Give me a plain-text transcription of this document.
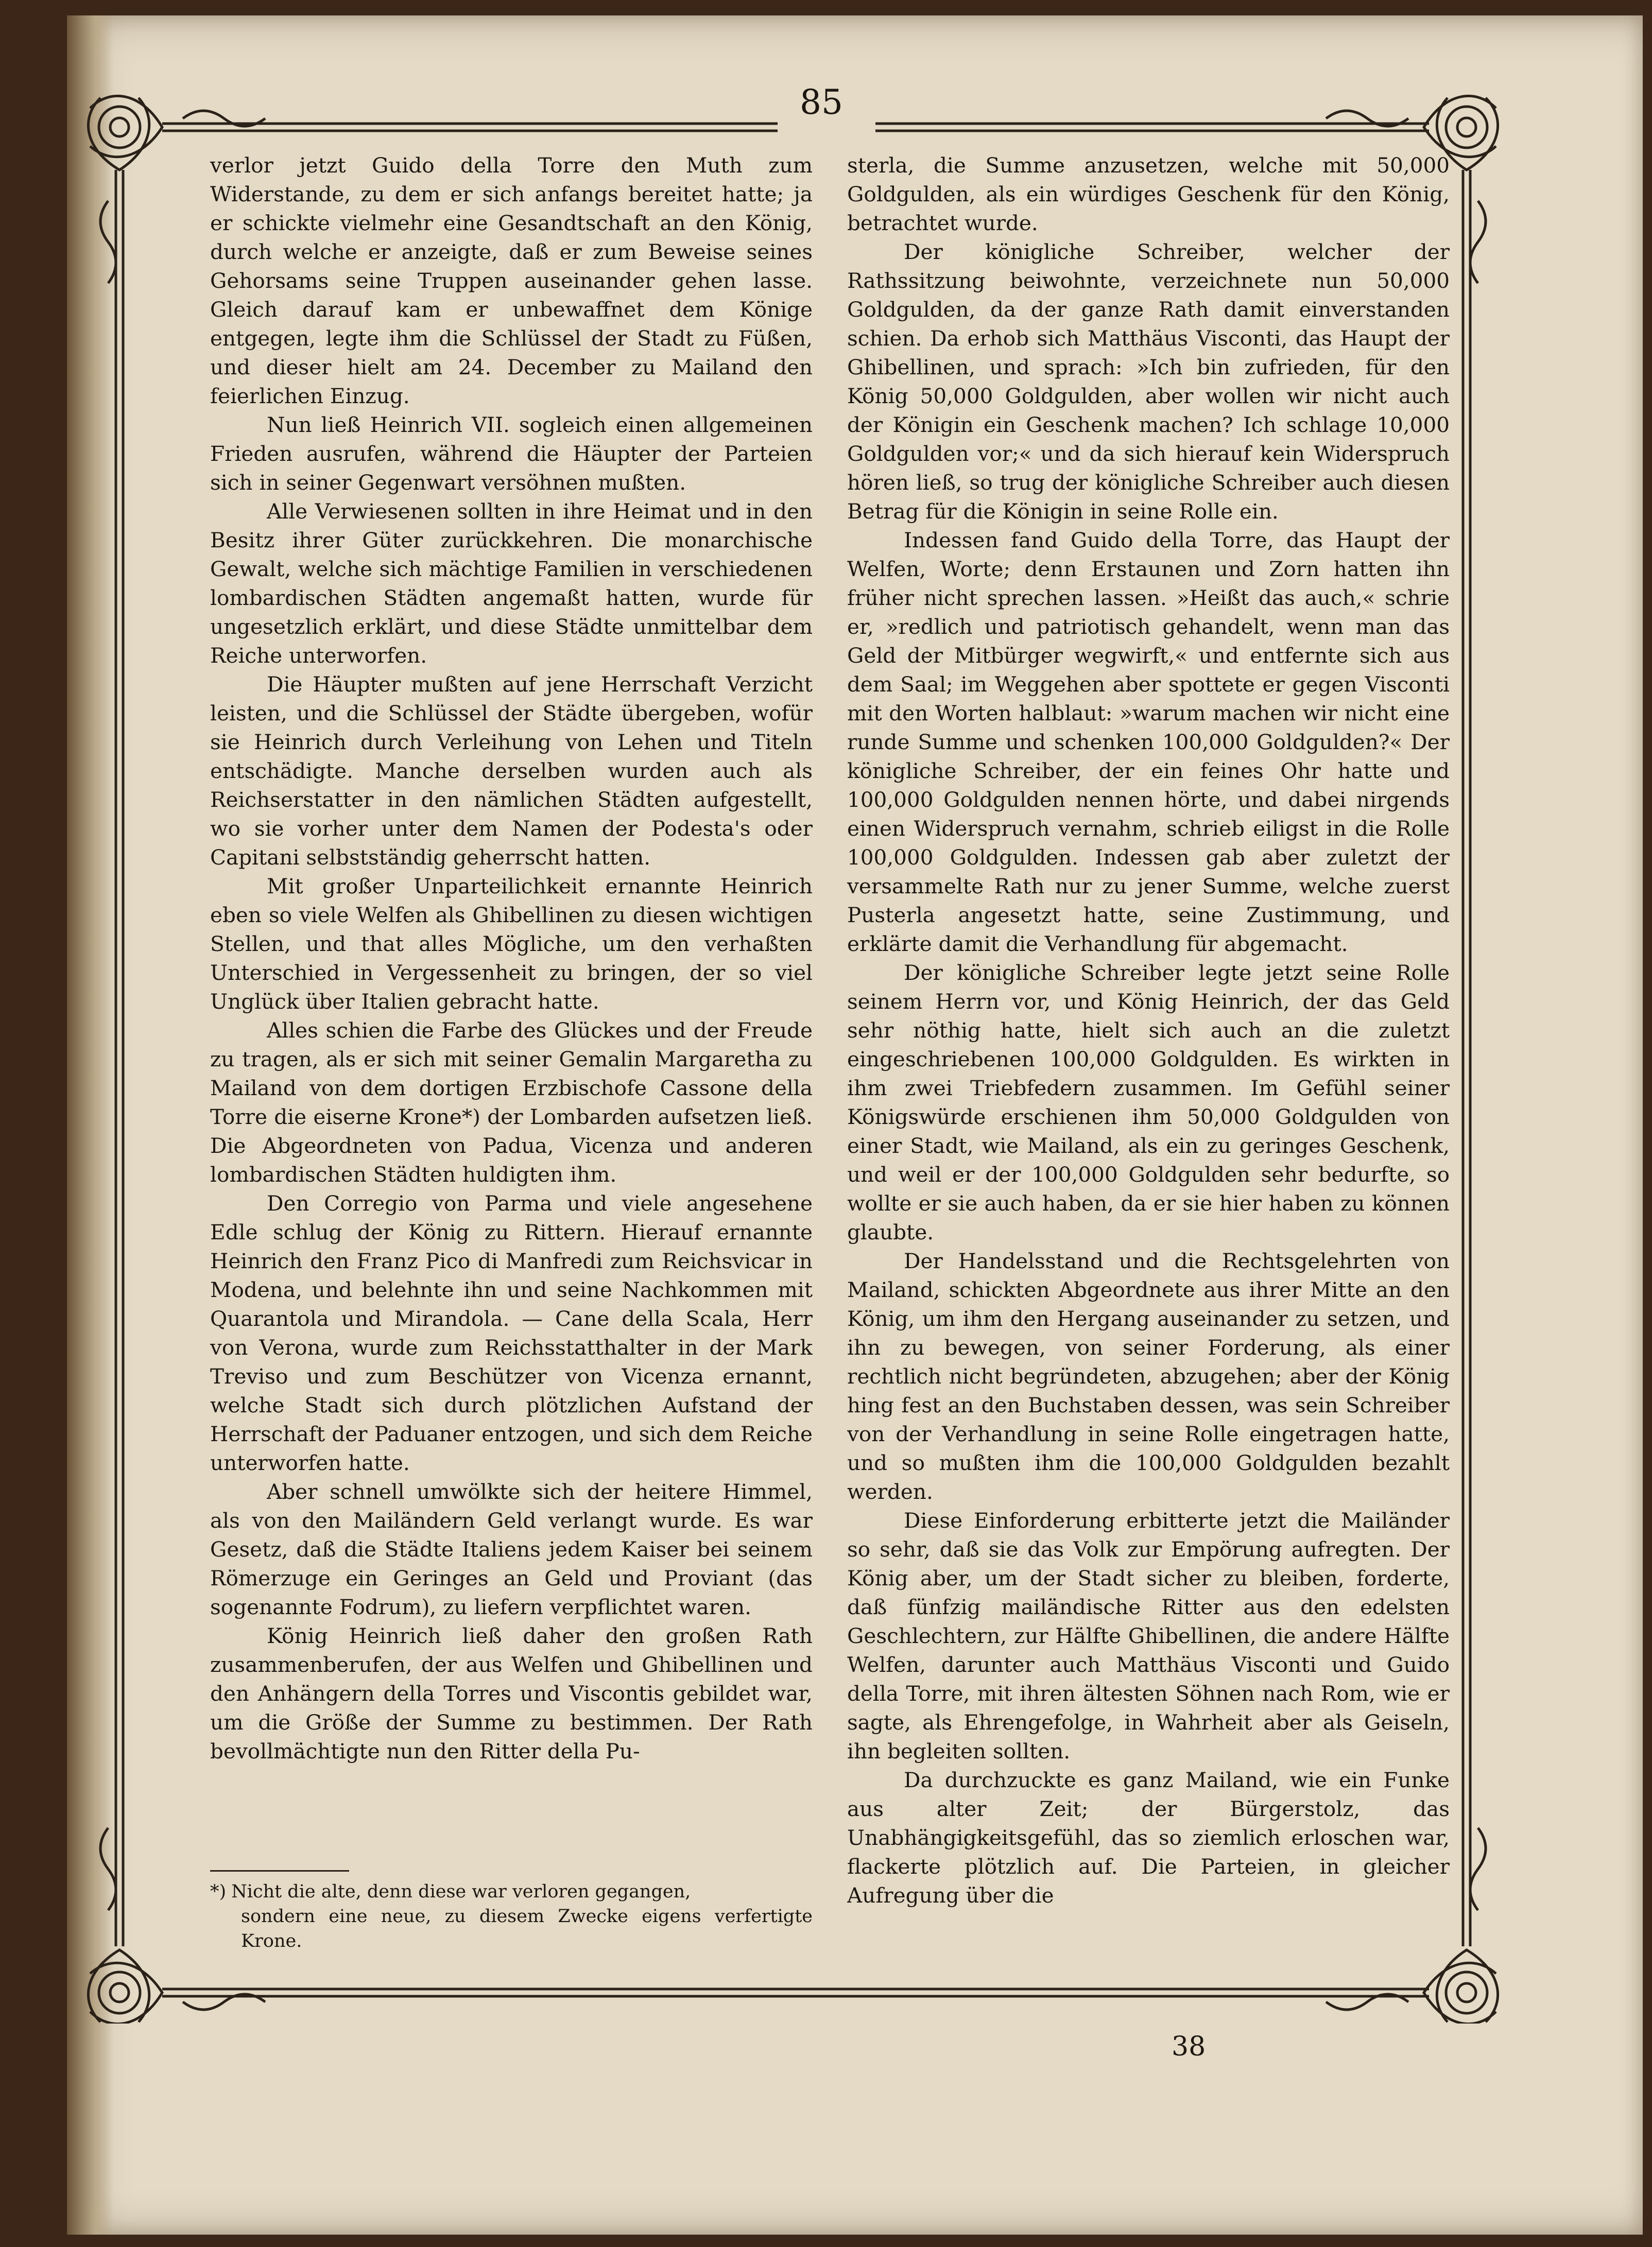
85

verlor jetzt Guido della Torre den Muth zum Widerstande, zu dem er sich anfangs bereitet hatte; ja er schickte vielmehr eine Gesandtschaft an den König, durch welche er anzeigte, daß er zum Beweise seines Gehorsams seine Truppen auseinander gehen lasse. Gleich darauf kam er unbewaffnet dem Könige entgegen, legte ihm die Schlüssel der Stadt zu Füßen, und dieser hielt am 24. December zu Mailand den feierlichen Einzug.

Nun ließ Heinrich VII. sogleich einen allgemeinen Frieden ausrufen, während die Häupter der Parteien sich in seiner Gegenwart versöhnen mußten.

Alle Verwiesenen sollten in ihre Heimat und in den Besitz ihrer Güter zurückkehren. Die monarchische Gewalt, welche sich mächtige Familien in verschiedenen lombardischen Städten angemaßt hatten, wurde für ungesetzlich erklärt, und diese Städte unmittelbar dem Reiche unterworfen.

Die Häupter mußten auf jene Herrschaft Verzicht leisten, und die Schlüssel der Städte übergeben, wofür sie Heinrich durch Verleihung von Lehen und Titeln entschädigte. Manche derselben wurden auch als Reichserstatter in den nämlichen Städten aufgestellt, wo sie vorher unter dem Namen der Podesta's oder Capitani selbstständig geherrscht hatten.

Mit großer Unparteilichkeit ernannte Heinrich eben so viele Welfen als Ghibellinen zu diesen wichtigen Stellen, und that alles Mögliche, um den verhaßten Unterschied in Vergessenheit zu bringen, der so viel Unglück über Italien gebracht hatte.

Alles schien die Farbe des Glückes und der Freude zu tragen, als er sich mit seiner Gemalin Margaretha zu Mailand von dem dortigen Erzbischofe Cassone della Torre die eiserne Krone*) der Lombarden aufsetzen ließ. Die Abgeordneten von Padua, Vicenza und anderen lombardischen Städten huldigten ihm.

Den Corregio von Parma und viele angesehene Edle schlug der König zu Rittern. Hierauf ernannte Heinrich den Franz Pico di Manfredi zum Reichsvicar in Modena, und belehnte ihn und seine Nachkommen mit Quarantola und Mirandola. — Cane della Scala, Herr von Verona, wurde zum Reichsstatthalter in der Mark Treviso und zum Beschützer von Vicenza ernannt, welche Stadt sich durch plötzlichen Aufstand der Herrschaft der Paduaner entzogen, und sich dem Reiche unterworfen hatte.

Aber schnell umwölkte sich der heitere Himmel, als von den Mailändern Geld verlangt wurde. Es war Gesetz, daß die Städte Italiens jedem Kaiser bei seinem Römerzuge ein Geringes an Geld und Proviant (das sogenannte Fodrum), zu liefern verpflichtet waren.

König Heinrich ließ daher den großen Rath zusammenberufen, der aus Welfen und Ghibellinen und den Anhängern della Torres und Viscontis gebildet war, um die Größe der Summe zu bestimmen. Der Rath bevollmächtigte nun den Ritter della Pu-

sterla, die Summe anzusetzen, welche mit 50,000 Goldgulden, als ein würdiges Geschenk für den König, betrachtet wurde.

Der königliche Schreiber, welcher der Rathssitzung beiwohnte, verzeichnete nun 50,000 Goldgulden, da der ganze Rath damit einverstanden schien. Da erhob sich Matthäus Visconti, das Haupt der Ghibellinen, und sprach: »Ich bin zufrieden, für den König 50,000 Goldgulden, aber wollen wir nicht auch der Königin ein Geschenk machen? Ich schlage 10,000 Goldgulden vor;« und da sich hierauf kein Widerspruch hören ließ, so trug der königliche Schreiber auch diesen Betrag für die Königin in seine Rolle ein.

Indessen fand Guido della Torre, das Haupt der Welfen, Worte; denn Erstaunen und Zorn hatten ihn früher nicht sprechen lassen. »Heißt das auch,« schrie er, »redlich und patriotisch gehandelt, wenn man das Geld der Mitbürger wegwirft,« und entfernte sich aus dem Saal; im Weggehen aber spottete er gegen Visconti mit den Worten halblaut: »warum machen wir nicht eine runde Summe und schenken 100,000 Goldgulden?« Der königliche Schreiber, der ein feines Ohr hatte und 100,000 Goldgulden nennen hörte, und dabei nirgends einen Widerspruch vernahm, schrieb eiligst in die Rolle 100,000 Goldgulden. Indessen gab aber zuletzt der versammelte Rath nur zu jener Summe, welche zuerst Pusterla angesetzt hatte, seine Zustimmung, und erklärte damit die Verhandlung für abgemacht.

Der königliche Schreiber legte jetzt seine Rolle seinem Herrn vor, und König Heinrich, der das Geld sehr nöthig hatte, hielt sich auch an die zuletzt eingeschriebenen 100,000 Goldgulden. Es wirkten in ihm zwei Triebfedern zusammen. Im Gefühl seiner Königswürde erschienen ihm 50,000 Goldgulden von einer Stadt, wie Mailand, als ein zu geringes Geschenk, und weil er der 100,000 Goldgulden sehr bedurfte, so wollte er sie auch haben, da er sie hier haben zu können glaubte.

Der Handelsstand und die Rechtsgelehrten von Mailand, schickten Abgeordnete aus ihrer Mitte an den König, um ihm den Hergang auseinander zu setzen, und ihn zu bewegen, von seiner Forderung, als einer rechtlich nicht begründeten, abzugehen; aber der König hing fest an den Buchstaben dessen, was sein Schreiber von der Verhandlung in seine Rolle eingetragen hatte, und so mußten ihm die 100,000 Goldgulden bezahlt werden.

Diese Einforderung erbitterte jetzt die Mailänder so sehr, daß sie das Volk zur Empörung aufregten. Der König aber, um der Stadt sicher zu bleiben, forderte, daß fünfzig mailändische Ritter aus den edelsten Geschlechtern, zur Hälfte Ghibellinen, die andere Hälfte Welfen, darunter auch Matthäus Visconti und Guido della Torre, mit ihren ältesten Söhnen nach Rom, wie er sagte, als Ehrengefolge, in Wahrheit aber als Geiseln, ihn begleiten sollten.

Da durchzuckte es ganz Mailand, wie ein Funke aus alter Zeit; der Bürgerstolz, das Unabhängigkeitsgefühl, das so ziemlich erloschen war, flackerte plötzlich auf. Die Parteien, in gleicher Aufregung über die

*) Nicht die alte, denn diese war verloren gegangen,
sondern eine neue, zu diesem Zwecke eigens verfertigte Krone.
38
